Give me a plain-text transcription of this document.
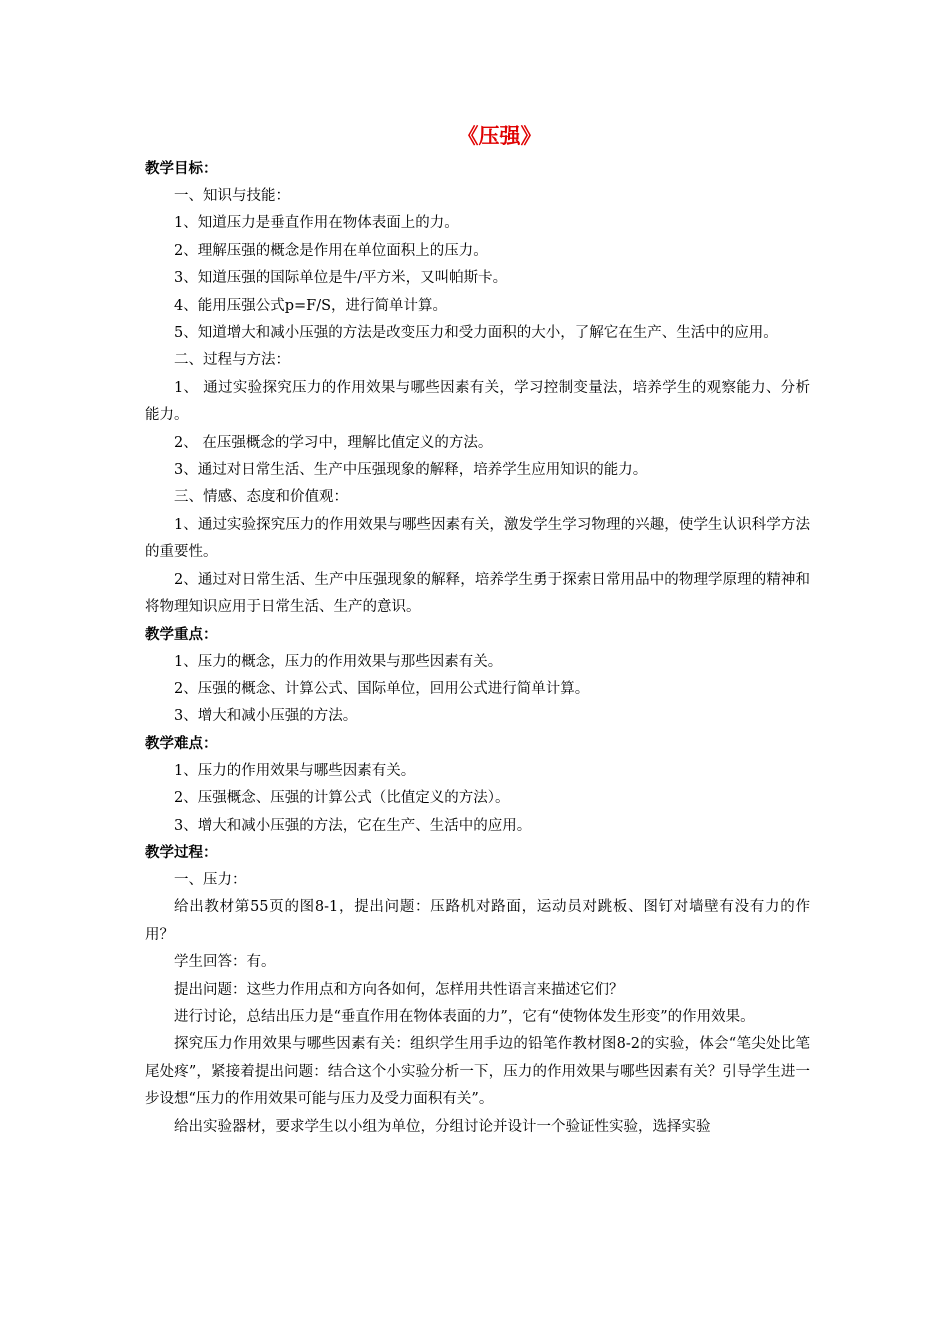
《压强》
教学目标：

一、知识与技能：

1、知道压力是垂直作用在物体表面上的力。

2、理解压强的概念是作用在单位面积上的压力。

3、知道压强的国际单位是牛/平方米，又叫帕斯卡。

4、能用压强公式p=F/S，进行简单计算。

5、知道增大和减小压强的方法是改变压力和受力面积的大小，了解它在生产、生活中的应用。

二、过程与方法：

1、 通过实验探究压力的作用效果与哪些因素有关，学习控制变量法，培养学生的观察能力、分析能力。

2、 在压强概念的学习中，理解比值定义的方法。

3、通过对日常生活、生产中压强现象的解释，培养学生应用知识的能力。

三、情感、态度和价值观：

1、通过实验探究压力的作用效果与哪些因素有关，激发学生学习物理的兴趣，使学生认识科学方法的重要性。

2、通过对日常生活、生产中压强现象的解释，培养学生勇于探索日常用品中的物理学原理的精神和将物理知识应用于日常生活、生产的意识。

教学重点：

1、压力的概念，压力的作用效果与那些因素有关。

2、压强的概念、计算公式、国际单位，回用公式进行简单计算。

3、增大和减小压强的方法。

教学难点：

1、压力的作用效果与哪些因素有关。

2、压强概念、压强的计算公式（比值定义的方法）。

3、增大和减小压强的方法，它在生产、生活中的应用。

教学过程：

一、压力：

给出教材第55页的图8-1，提出问题：压路机对路面，运动员对跳板、图钉对墙壁有没有力的作用？

学生回答：有。

提出问题：这些力作用点和方向各如何，怎样用共性语言来描述它们？

进行讨论，总结出压力是“垂直作用在物体表面的力”，它有“使物体发生形变”的作用效果。

探究压力作用效果与哪些因素有关：组织学生用手边的铅笔作教材图8-2的实验，体会“笔尖处比笔尾处疼”，紧接着提出问题：结合这个小实验分析一下，压力的作用效果与哪些因素有关？引导学生进一步设想“压力的作用效果可能与压力及受力面积有关”。

给出实验器材，要求学生以小组为单位，分组讨论并设计一个验证性实验，选择实验
